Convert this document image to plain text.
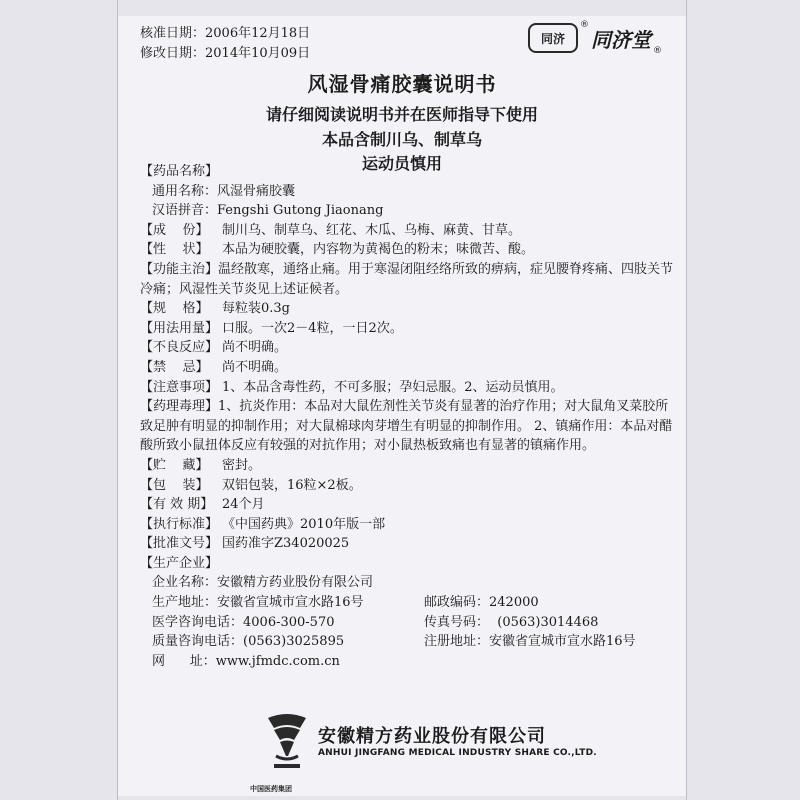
核准日期：2006年12月18日
修改日期：2014年10月09日
同济
®
同济堂 ®
风湿骨痛胶囊说明书
请仔细阅读说明书并在医师指导下使用
本品含制川乌、制草乌
运动员慎用
【药品名称】
通用名称：风湿骨痛胶囊
汉语拼音：Fengshi Gutong Jiaonang
【成    份】	制川乌、制草乌、红花、木瓜、乌梅、麻黄、甘草。
【性    状】	本品为硬胶囊，内容物为黄褐色的粉末；味微苦、酸。
【功能主治】温经散寒，通络止痛。用于寒湿闭阻经络所致的痹病，症见腰脊疼痛、四肢关节冷痛；风湿性关节炎见上述证候者。
【规    格】	每粒装0.3g
【用法用量】 口服。一次2－4粒，一日2次。
【不良反应】 尚不明确。
【禁    忌】	尚不明确。
【注意事项】 1、本品含毒性药，不可多服；孕妇忌服。2、运动员慎用。
【药理毒理】1、抗炎作用：本品对大鼠佐剂性关节炎有显著的治疗作用；对大鼠角叉菜胶所致足肿有明显的抑制作用；对大鼠棉球肉芽增生有明显的抑制作用。 2、镇痛作用：本品对醋酸所致小鼠扭体反应有较强的对抗作用；对小鼠热板致痛也有显著的镇痛作用。
【贮    藏】	密封。
【包    装】	双铝包装，16粒×2板。
【有 效 期】 24个月
【执行标准】 《中国药典》2010年版一部
【批准文号】 国药准字Z34020025
【生产企业】
企业名称：安徽精方药业股份有限公司
生产地址：安徽省宣城市宣水路16号	邮政编码：242000
医学咨询电话：4006-300-570	传真号码：  (0563)3014468
质量咨询电话：(0563)3025895	注册地址：安徽省宣城市宣水路16号
网      址：www.jfmdc.com.cn
安徽精方药业股份有限公司
ANHUI JINGFANG MEDICAL INDUSTRY SHARE CO.,LTD.
中国医药集团
